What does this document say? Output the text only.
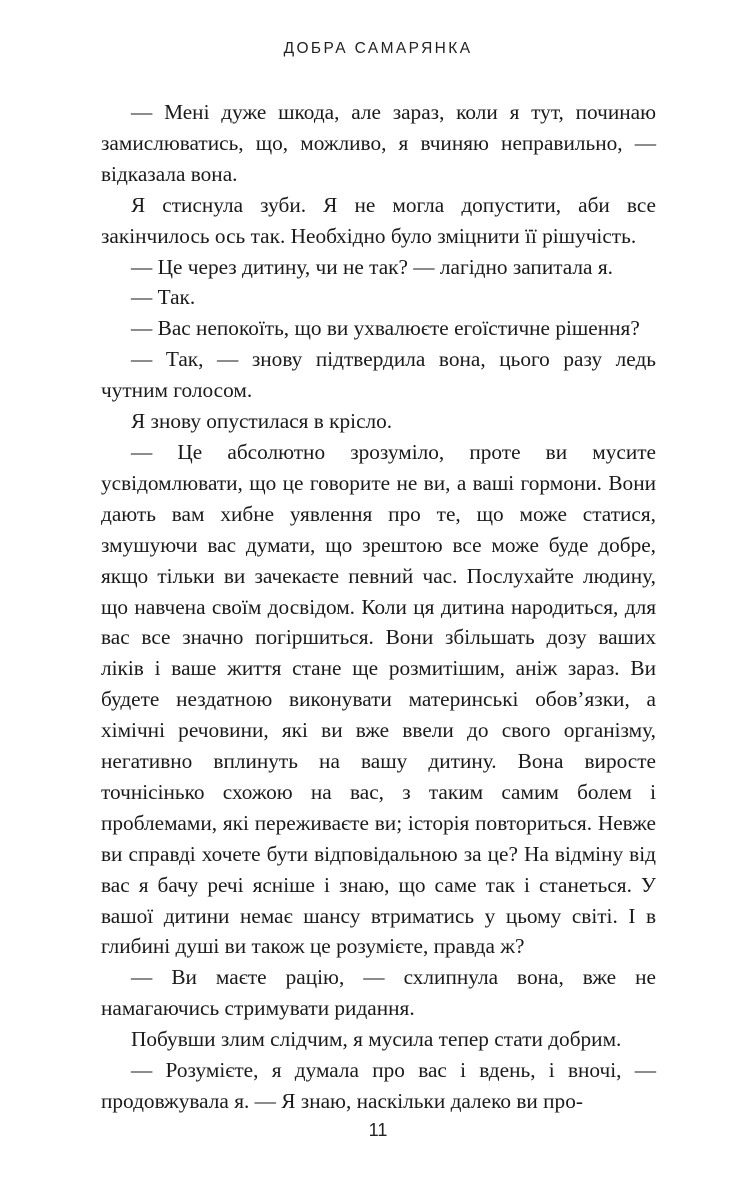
ДОБРА САМАРЯНКА

— Мені дуже шкода, але зараз, коли я тут, починаю замислюватись, що, можливо, я вчиняю неправильно, — відказала вона.

Я стиснула зуби. Я не могла допустити, аби все закінчилось ось так. Необхідно було зміцнити її рішучість.

— Це через дитину, чи не так? — лагідно запитала я.

— Так.

— Вас непокоїть, що ви ухвалюєте егоїстичне рішення?

— Так, — знову підтвердила вона, цього разу ледь чутним голосом.

Я знову опустилася в крісло.

— Це абсолютно зрозуміло, проте ви мусите усвідомлювати, що це говорите не ви, а ваші гормони. Вони дають вам хибне уявлення про те, що може статися, змушуючи вас думати, що зрештою все може буде добре, якщо тільки ви зачекаєте певний час. Послухайте людину, що навчена своїм досвідом. Коли ця дитина народиться, для вас все значно погіршиться. Вони збільшать дозу ваших ліків і ваше життя стане ще розмитішим, аніж зараз. Ви будете нездатною виконувати материнські обов’язки, а хімічні речовини, які ви вже ввели до свого організму, негативно вплинуть на вашу дитину. Вона виросте точнісінько схожою на вас, з таким самим болем і проблемами, які переживаєте ви; історія повториться. Невже ви справді хочете бути відповідальною за це? На відміну від вас я бачу речі ясніше і знаю, що саме так і станеться. У вашої дитини немає шансу втриматись у цьому світі. І в глибині душі ви також це розумієте, правда ж?

— Ви маєте рацію, — схлипнула вона, вже не намагаючись стримувати ридання.

Побувши злим слідчим, я мусила тепер стати добрим.

— Розумієте, я думала про вас і вдень, і вночі, — продовжувала я. — Я знаю, наскільки далеко ви про-

11
